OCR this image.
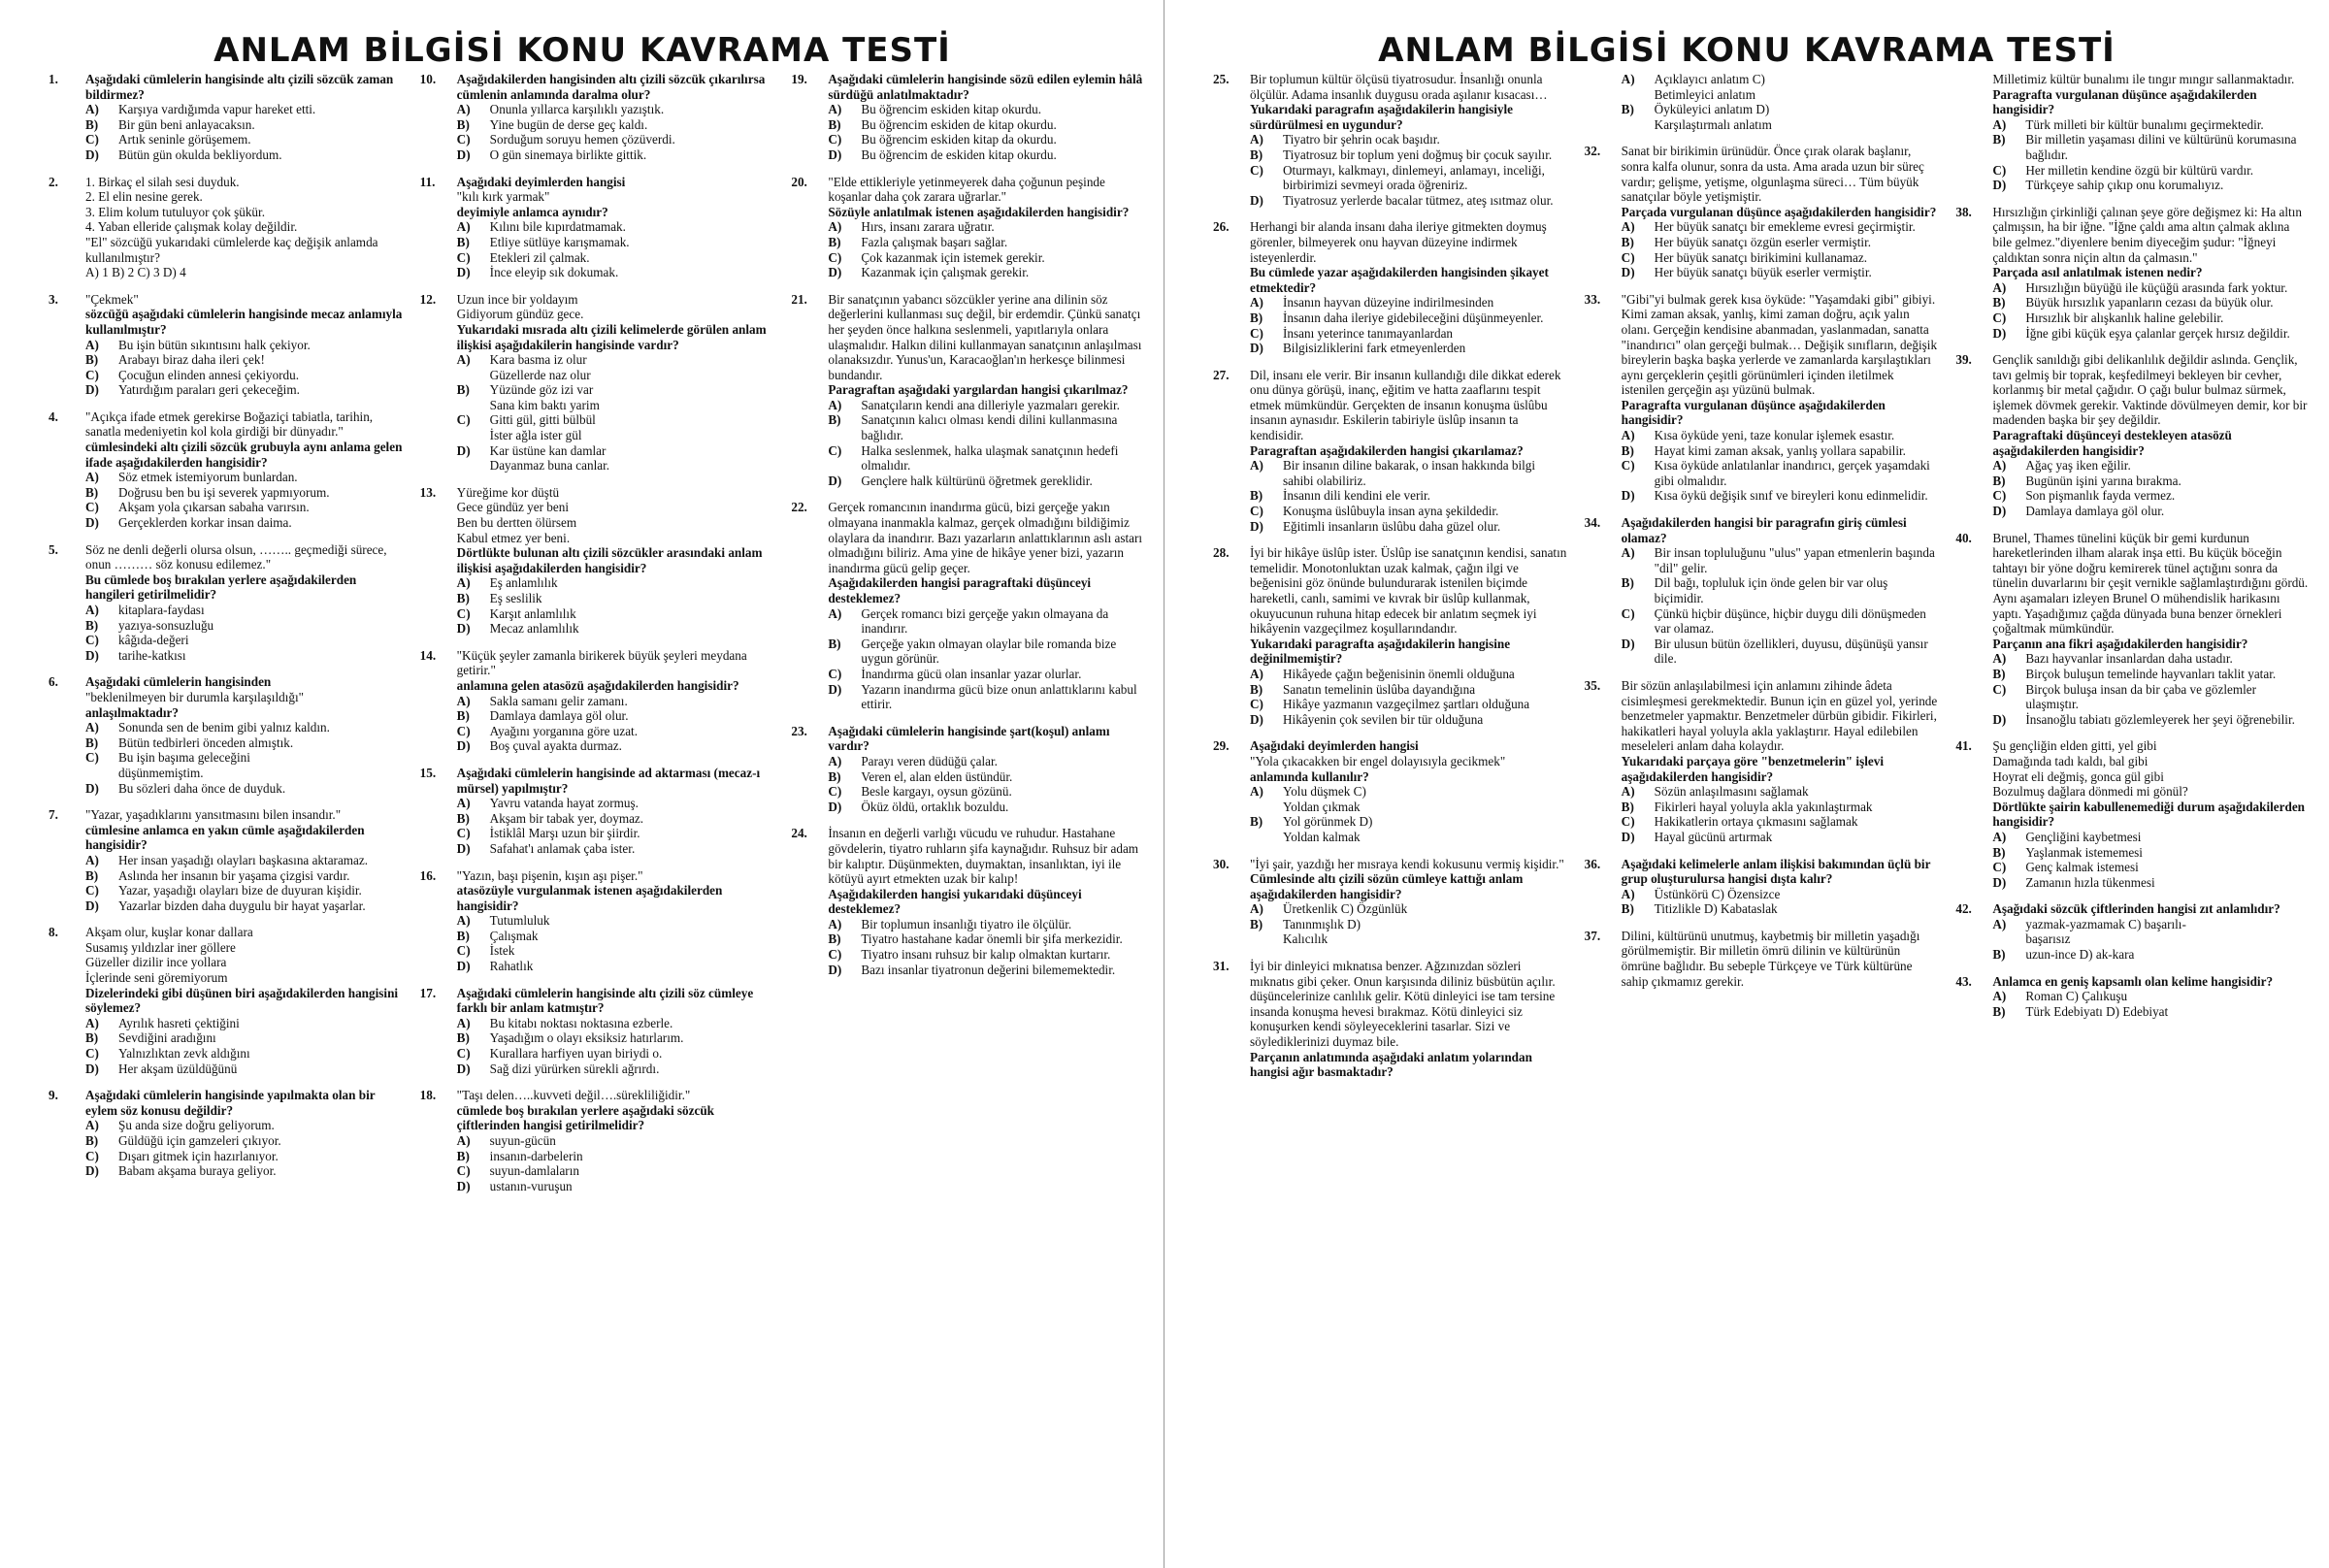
ANLAM BİLGİSİ KONU KAVRAMA TESTİ
1.	Aşağıdaki cümlelerin hangisinde altı çizili sözcük zaman bildirmez?
A)	Karşıya vardığımda vapur hareket etti.
B)	Bir gün beni anlayacaksın.
C)	Artık seninle görüşemem.
D)	Bütün gün okulda bekliyordum.
2.	1. Birkaç el silah sesi duyduk.
2. El elin nesine gerek.
3. Elim kolum tutuluyor çok şükür.
4. Yaban elleride çalışmak kolay değildir.
"El" sözcüğü yukarıdaki cümlelerde kaç değişik anlamda kullanılmıştır?
A) 1 B) 2 C) 3 D) 4
3.	"Çekmek"
sözcüğü aşağıdaki cümlelerin hangisinde mecaz anlamıyla kullanılmıştır?
A)	Bu işin bütün sıkıntısını halk çekiyor.
B)	Arabayı biraz daha ileri çek!
C)	Çocuğun elinden annesi çekiyordu.
D)	Yatırdığım paraları geri çekeceğim.
4.	"Açıkça ifade etmek gerekirse Boğaziçi tabiatla, tarihin, sanatla medeniyetin kol kola girdiği bir dünyadır."
cümlesindeki altı çizili sözcük grubuyla aynı anlama gelen ifade aşağıdakilerden hangisidir?
A)	Söz etmek istemiyorum bunlardan.
B)	Doğrusu ben bu işi severek yapmıyorum.
C)	Akşam yola çıkarsan sabaha varırsın.
D)	Gerçeklerden korkar insan daima.
5.	Söz ne denli değerli olursa olsun, …….. geçmediği sürece, onun ……… söz konusu edilemez."
Bu cümlede boş bırakılan yerlere aşağıdakilerden hangileri getirilmelidir?
A)	kitaplara-faydası
B)	yazıya-sonsuzluğu
C)	kâğıda-değeri
D)	tarihe-katkısı
6.	Aşağıdaki cümlelerin hangisinden
"beklenilmeyen bir durumla karşılaşıldığı"
anlaşılmaktadır?
A)	Sonunda sen de benim gibi yalnız kaldın.
B)	Bütün tedbirleri önceden almıştık.
C)	Bu işin başıma geleceğini
düşünmemiştim.
D)	Bu sözleri daha önce de duyduk.
7.	"Yazar, yaşadıklarını yansıtmasını bilen insandır."
cümlesine anlamca en yakın cümle aşağıdakilerden hangisidir?
A)	Her insan yaşadığı olayları başkasına aktaramaz.
B)	Aslında her insanın bir yaşama çizgisi vardır.
C)	Yazar, yaşadığı olayları bize de duyuran kişidir.
D)	Yazarlar bizden daha duygulu bir hayat yaşarlar.
8.	Akşam olur, kuşlar konar dallara
Susamış yıldızlar iner göllere
Güzeller dizilir ince yollara
İçlerinde seni göremiyorum
Dizelerindeki gibi düşünen biri aşağıdakilerden hangisini söylemez?
A)	Ayrılık hasreti çektiğini
B)	Sevdiğini aradığını
C)	Yalnızlıktan zevk aldığını
D)	Her akşam üzüldüğünü
9.	Aşağıdaki cümlelerin hangisinde yapılmakta olan bir eylem söz konusu değildir?
A)	Şu anda size doğru geliyorum.
B)	Güldüğü için gamzeleri çıkıyor.
C)	Dışarı gitmek için hazırlanıyor.
D)	Babam akşama buraya geliyor.
10.	Aşağıdakilerden hangisinden altı çizili sözcük çıkarılırsa cümlenin anlamında daralma olur?
A)	Onunla yıllarca karşılıklı yazıştık.
B)	Yine bugün de derse geç kaldı.
C)	Sorduğum soruyu hemen çözüverdi.
D)	O gün sinemaya birlikte gittik.
11.	Aşağıdaki deyimlerden hangisi
"kılı kırk yarmak"
deyimiyle anlamca aynıdır?
A)	Kılını bile kıpırdatmamak.
B)	Etliye sütlüye karışmamak.
C)	Etekleri zil çalmak.
D)	İnce eleyip sık dokumak.
12.	Uzun ince bir yoldayım
Gidiyorum gündüz gece.
Yukarıdaki mısrada altı çizili kelimelerde görülen anlam ilişkisi aşağıdakilerin hangisinde vardır?
A)	Kara basma iz olur
Güzellerde naz olur
B)	Yüzünde göz izi var
Sana kim baktı yarim
C)	Gitti gül, gitti bülbül
İster ağla ister gül
D)	Kar üstüne kan damlar
Dayanmaz buna canlar.
13.	Yüreğime kor düştü
Gece gündüz yer beni
Ben bu dertten ölürsem
Kabul etmez yer beni.
Dörtlükte bulunan altı çizili sözcükler arasındaki anlam ilişkisi aşağıdakilerden hangisidir?
A)	Eş anlamlılık
B)	Eş seslilik
C)	Karşıt anlamlılık
D)	Mecaz anlamlılık
14.	"Küçük şeyler zamanla birikerek büyük şeyleri meydana getirir."
anlamına gelen atasözü aşağıdakilerden hangisidir?
A)	Sakla samanı gelir zamanı.
B)	Damlaya damlaya göl olur.
C)	Ayağını yorganına göre uzat.
D)	Boş çuval ayakta durmaz.
15.	Aşağıdaki cümlelerin hangisinde ad aktarması (mecaz-ı mürsel) yapılmıştır?
A)	Yavru vatanda hayat zormuş.
B)	Akşam bir tabak yer, doymaz.
C)	İstiklâl Marşı uzun bir şiirdir.
D)	Safahat'ı anlamak çaba ister.
16.	"Yazın, başı pişenin, kışın aşı pişer."
atasözüyle vurgulanmak istenen aşağıdakilerden hangisidir?
A)	Tutumluluk
B)	Çalışmak
C)	İstek
D)	Rahatlık
17.	Aşağıdaki cümlelerin hangisinde altı çizili söz cümleye farklı bir anlam katmıştır?
A)	Bu kitabı noktası noktasına ezberle.
B)	Yaşadığım o olayı eksiksiz hatırlarım.
C)	Kurallara harfiyen uyan biriydi o.
D)	Sağ dizi yürürken sürekli ağrırdı.
18.	"Taşı delen…..kuvveti değil….sürekliliğidir."
cümlede boş bırakılan yerlere aşağıdaki sözcük çiftlerinden hangisi getirilmelidir?
A)	suyun-gücün
B)	insanın-darbelerin
C)	suyun-damlaların
D)	ustanın-vuruşun
19.	Aşağıdaki cümlelerin hangisinde sözü edilen eylemin hâlâ sürdüğü anlatılmaktadır?
A)	Bu öğrencim eskiden kitap okurdu.
B)	Bu öğrencim eskiden de kitap okurdu.
C)	Bu öğrencim eskiden kitap da okurdu.
D)	Bu öğrencim de eskiden kitap okurdu.
20.	"Elde ettikleriyle yetinmeyerek daha çoğunun peşinde koşanlar daha çok zarara uğrarlar."
Sözüyle anlatılmak istenen aşağıdakilerden hangisidir?
A)	Hırs, insanı zarara uğratır.
B)	Fazla çalışmak başarı sağlar.
C)	Çok kazanmak için istemek gerekir.
D)	Kazanmak için çalışmak gerekir.
21.	Bir sanatçının yabancı sözcükler yerine ana dilinin söz değerlerini kullanması suç değil, bir erdemdir. Çünkü sanatçı her şeyden önce halkına seslenmeli, yapıtlarıyla onlara ulaşmalıdır. Halkın dilini kullanmayan sanatçının anlaşılması olanaksızdır. Yunus'un, Karacaoğlan'ın herkesçe bilinmesi bundandır.
Paragraftan aşağıdaki yargılardan hangisi çıkarılmaz?
A)	Sanatçıların kendi ana dilleriyle yazmaları gerekir.
B)	Sanatçının kalıcı olması kendi dilini kullanmasına bağlıdır.
C)	Halka seslenmek, halka ulaşmak sanatçının hedefi olmalıdır.
D)	Gençlere halk kültürünü öğretmek gereklidir.
22.	Gerçek romancının inandırma gücü, bizi gerçeğe yakın olmayana inanmakla kalmaz, gerçek olmadığını bildiğimiz olaylara da inandırır. Bazı yazarların anlattıklarının aslı astarı olmadığını biliriz. Ama yine de hikâye yener bizi, yazarın inandırma gücü gelip geçer.
Aşağıdakilerden hangisi paragraftaki düşünceyi desteklemez?
A)	Gerçek romancı bizi gerçeğe yakın olmayana da inandırır.
B)	Gerçeğe yakın olmayan olaylar bile romanda bize uygun görünür.
C)	İnandırma gücü olan insanlar yazar olurlar.
D)	Yazarın inandırma gücü bize onun anlattıklarını kabul ettirir.
23.	Aşağıdaki cümlelerin hangisinde şart(koşul) anlamı vardır?
A)	Parayı veren düdüğü çalar.
B)	Veren el, alan elden üstündür.
C)	Besle kargayı, oysun gözünü.
D)	Öküz öldü, ortaklık bozuldu.
24.	İnsanın en değerli varlığı vücudu ve ruhudur. Hastahane gövdelerin, tiyatro ruhların şifa kaynağıdır. Ruhsuz bir adam bir kalıptır. Düşünmekten, duymaktan, insanlıktan, iyi ile kötüyü ayırt etmekten uzak bir kalıp!
Aşağıdakilerden hangisi yukarıdaki düşünceyi desteklemez?
A)	Bir toplumun insanlığı tiyatro ile ölçülür.
B)	Tiyatro hastahane kadar önemli bir şifa merkezidir.
C)	Tiyatro insanı ruhsuz bir kalıp olmaktan kurtarır.
D)	Bazı insanlar tiyatronun değerini bilememektedir.
ANLAM BİLGİSİ KONU KAVRAMA TESTİ
25.	Bir toplumun kültür ölçüsü tiyatrosudur. İnsanlığı onunla ölçülür. Adama insanlık duygusu orada aşılanır kısacası…
Yukarıdaki paragrafın aşağıdakilerin hangisiyle sürdürülmesi en uygundur?
A)	Tiyatro bir şehrin ocak başıdır.
B)	Tiyatrosuz bir toplum yeni doğmuş bir çocuk sayılır.
C)	Oturmayı, kalkmayı, dinlemeyi, anlamayı, inceliği, birbirimizi sevmeyi orada öğreniriz.
D)	Tiyatrosuz yerlerde bacalar tütmez, ateş ısıtmaz olur.
26.	Herhangi bir alanda insanı daha ileriye gitmekten doymuş görenler, bilmeyerek onu hayvan düzeyine indirmek isteyenlerdir.
Bu cümlede yazar aşağıdakilerden hangisinden şikayet etmektedir?
A)	İnsanın hayvan düzeyine indirilmesinden
B)	İnsanın daha ileriye gidebileceğini düşünmeyenler.
C)	İnsanı yeterince tanımayanlardan
D)	Bilgisizliklerini fark etmeyenlerden
27.	Dil, insanı ele verir. Bir insanın kullandığı dile dikkat ederek onu dünya görüşü, inanç, eğitim ve hatta zaaflarını tespit etmek mümkündür. Gerçekten de insanın konuşma üslûbu insanın aynasıdır. Eskilerin tabiriyle üslûp insanın ta kendisidir.
Paragraftan aşağıdakilerden hangisi çıkarılamaz?
A)	Bir insanın diline bakarak, o insan hakkında bilgi sahibi olabiliriz.
B)	İnsanın dili kendini ele verir.
C)	Konuşma üslûbuyla insan ayna şekildedir.
D)	Eğitimli insanların üslûbu daha güzel olur.
28.	İyi bir hikâye üslûp ister. Üslûp ise sanatçının kendisi, sanatın temelidir. Monotonluktan uzak kalmak, çağın ilgi ve beğenisini göz önünde bulundurarak istenilen biçimde hareketli, canlı, samimi ve kıvrak bir üslûp kullanmak, okuyucunun ruhuna hitap edecek bir anlatım seçmek iyi hikâyenin vazgeçilmez koşullarındandır.
Yukarıdaki paragrafta aşağıdakilerin hangisine değinilmemiştir?
A)	Hikâyede çağın beğenisinin önemli olduğuna
B)	Sanatın temelinin üslûba dayandığına
C)	Hikâye yazmanın vazgeçilmez şartları olduğuna
D)	Hikâyenin çok sevilen bir tür olduğuna
29.	Aşağıdaki deyimlerden hangisi
"Yola çıkacakken bir engel dolayısıyla gecikmek"
anlamında kullanılır?
A)	Yolu düşmek C)
Yoldan çıkmak
B)	Yol görünmek D)
Yoldan kalmak
30.	"İyi şair, yazdığı her mısraya kendi kokusunu vermiş kişidir."
Cümlesinde altı çizili sözün cümleye kattığı anlam aşağıdakilerden hangisidir?
A)	Üretkenlik C) Özgünlük
B)	Tanınmışlık D)
Kalıcılık
31.	İyi bir dinleyici mıknatısa benzer. Ağzınızdan sözleri mıknatıs gibi çeker. Onun karşısında diliniz büsbütün açılır. düşüncelerinize canlılık gelir. Kötü dinleyici ise tam tersine insanda konuşma hevesi bırakmaz. Kötü dinleyici siz konuşurken kendi söyleyeceklerini tasarlar. Sizi ve söylediklerinizi duymaz bile.
Parçanın anlatımında aşağıdaki anlatım yolarından hangisi ağır basmaktadır?
A)	Açıklayıcı anlatım C)
Betimleyici anlatım
B)	Öyküleyici anlatım D)
Karşılaştırmalı anlatım
32.	Sanat bir birikimin ürünüdür. Önce çırak olarak başlanır, sonra kalfa olunur, sonra da usta. Ama arada uzun bir süreç vardır; gelişme, yetişme, olgunlaşma süreci… Tüm büyük sanatçılar böyle yetişmiştir.
Parçada vurgulanan düşünce aşağıdakilerden hangisidir?
A)	Her büyük sanatçı bir emekleme evresi geçirmiştir.
B)	Her büyük sanatçı özgün eserler vermiştir.
C)	Her büyük sanatçı birikimini kullanamaz.
D)	Her büyük sanatçı büyük eserler vermiştir.
33.	"Gibi"yi bulmak gerek kısa öyküde: "Yaşamdaki gibi" gibiyi. Kimi zaman aksak, yanlış, kimi zaman doğru, açık yalın olanı. Gerçeğin kendisine abanmadan, yaslanmadan, sanatta "inandırıcı" olan gerçeği bulmak… Değişik sınıfların, değişik bireylerin başka başka yerlerde ve zamanlarda karşılaştıkları aynı gerçeklerin çeşitli görünümleri içinden iletilmek istenilen gerçeğin aşı yüzünü bulmak.
Paragrafta vurgulanan düşünce aşağıdakilerden hangisidir?
A)	Kısa öyküde yeni, taze konular işlemek esastır.
B)	Hayat kimi zaman aksak, yanlış yollara sapabilir.
C)	Kısa öyküde anlatılanlar inandırıcı, gerçek yaşamdaki gibi olmalıdır.
D)	Kısa öykü değişik sınıf ve bireyleri konu edinmelidir.
34.	Aşağıdakilerden hangisi bir paragrafın giriş cümlesi olamaz?
A)	Bir insan topluluğunu "ulus" yapan etmenlerin başında "dil" gelir.
B)	Dil bağı, topluluk için önde gelen bir var oluş biçimidir.
C)	Çünkü hiçbir düşünce, hiçbir duygu dili dönüşmeden var olamaz.
D)	Bir ulusun bütün özellikleri, duyusu, düşünüşü yansır dile.
35.	Bir sözün anlaşılabilmesi için anlamını zihinde âdeta cisimleşmesi gerekmektedir. Bunun için en güzel yol, yerinde benzetmeler yapmaktır. Benzetmeler dürbün gibidir. Fikirleri, hakikatleri hayal yoluyla akla yaklaştırır. Hayal edilebilen meseleleri anlam daha kolaydır.
Yukarıdaki parçaya göre "benzetmelerin" işlevi aşağıdakilerden hangisidir?
A)	Sözün anlaşılmasını sağlamak
B)	Fikirleri hayal yoluyla akla yakınlaştırmak
C)	Hakikatlerin ortaya çıkmasını sağlamak
D)	Hayal gücünü artırmak
36.	Aşağıdaki kelimelerle anlam ilişkisi bakımından üçlü bir grup oluşturulursa hangisi dışta kalır?
A)	Üstünkörü C) Özensizce
B)	Titizlikle D) Kabataslak
37.	Dilini, kültürünü unutmuş, kaybetmiş bir milletin yaşadığı görülmemiştir. Bir milletin ömrü dilinin ve kültürünün ömrüne bağlıdır. Bu sebeple Türkçeye ve Türk kültürüne sahip çıkmamız gerekir.
Milletimiz kültür bunalımı ile tıngır mıngır sallanmaktadır.
Paragrafta vurgulanan düşünce aşağıdakilerden hangisidir?
A)	Türk milleti bir kültür bunalımı geçirmektedir.
B)	Bir milletin yaşaması dilini ve kültürünü korumasına bağlıdır.
C)	Her milletin kendine özgü bir kültürü vardır.
D)	Türkçeye sahip çıkıp onu korumalıyız.
38.	Hırsızlığın çirkinliği çalınan şeye göre değişmez ki: Ha altın çalmışsın, ha bir iğne. "İğne çaldı ama altın çalmak aklına bile gelmez."diyenlere benim diyeceğim şudur: "İğneyi çaldıktan sonra niçin altın da çalmasın."
Parçada asıl anlatılmak istenen nedir?
A)	Hırsızlığın büyüğü ile küçüğü arasında fark yoktur.
B)	Büyük hırsızlık yapanların cezası da büyük olur.
C)	Hırsızlık bir alışkanlık haline gelebilir.
D)	İğne gibi küçük eşya çalanlar gerçek hırsız değildir.
39.	Gençlik sanıldığı gibi delikanlılık değildir aslında. Gençlik, tavı gelmiş bir toprak, keşfedilmeyi bekleyen bir cevher, korlanmış bir metal çağıdır. O çağı bulur bulmaz sürmek, işlemek dövmek gerekir. Vaktinde dövülmeyen demir, kor bir madenden başka bir şey değildir.
Paragraftaki düşünceyi destekleyen atasözü aşağıdakilerden hangisidir?
A)	Ağaç yaş iken eğilir.
B)	Bugünün işini yarına bırakma.
C)	Son pişmanlık fayda vermez.
D)	Damlaya damlaya göl olur.
40.	Brunel, Thames tünelini küçük bir gemi kurdunun hareketlerinden ilham alarak inşa etti. Bu küçük böceğin tahtayı bir yöne doğru kemirerek tünel açtığını sonra da tünelin duvarlarını bir çeşit vernikle sağlamlaştırdığını gördü. Aynı aşamaları izleyen Brunel O mühendislik harikasını yaptı. Yaşadığımız çağda dünyada buna benzer örnekleri çoğaltmak mümkündür.
Parçanın ana fikri aşağıdakilerden hangisidir?
A)	Bazı hayvanlar insanlardan daha ustadır.
B)	Birçok buluşun temelinde hayvanları taklit yatar.
C)	Birçok buluşa insan da bir çaba ve gözlemler ulaşmıştır.
D)	İnsanoğlu tabiatı gözlemleyerek her şeyi öğrenebilir.
41.	Şu gençliğin elden gitti, yel gibi
Damağında tadı kaldı, bal gibi
Hoyrat eli değmiş, gonca gül gibi
Bozulmuş dağlara dönmedi mi gönül?
Dörtlükte şairin kabullenemediği durum aşağıdakilerden hangisidir?
A)	Gençliğini kaybetmesi
B)	Yaşlanmak istememesi
C)	Genç kalmak istemesi
D)	Zamanın hızla tükenmesi
42.	Aşağıdaki sözcük çiftlerinden hangisi zıt anlamlıdır?
A)	yazmak-yazmamak C) başarılı-
başarısız
B)	uzun-ince D) ak-kara
43.	Anlamca en geniş kapsamlı olan kelime hangisidir?
A)	Roman C) Çalıkuşu
B)	Türk Edebiyatı D) Edebiyat
